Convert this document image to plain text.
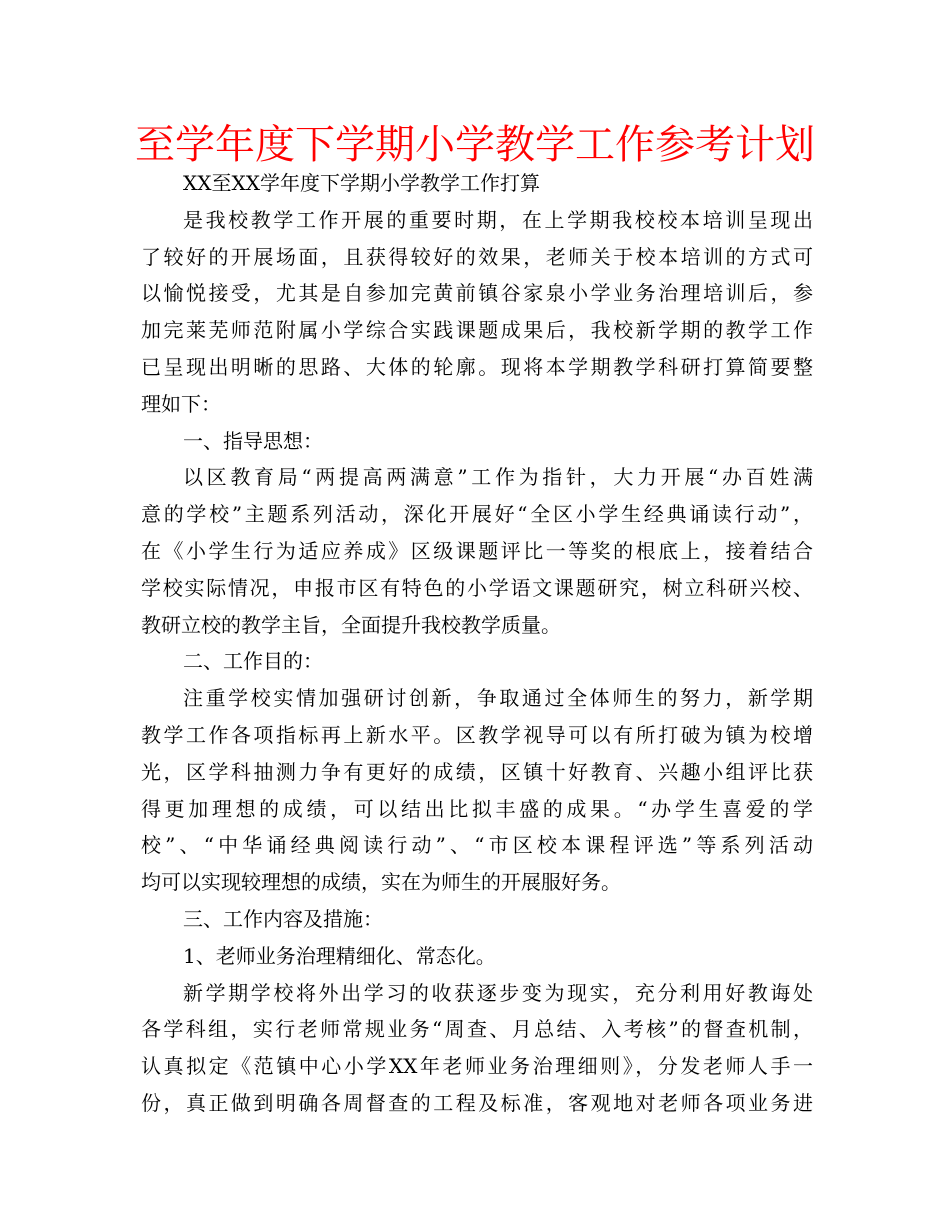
至学年度下学期小学教学工作参考计划
XX至XX学年度下学期小学教学工作打算
是我校教学工作开展的重要时期，在上学期我校校本培训呈现出
了较好的开展场面，且获得较好的效果，老师关于校本培训的方式可
以愉悦接受，尤其是自参加完黄前镇谷家泉小学业务治理培训后，参
加完莱芜师范附属小学综合实践课题成果后，我校新学期的教学工作
已呈现出明晰的思路、大体的轮廓。现将本学期教学科研打算简要整
理如下：
一、指导思想：
以区教育局“两提高两满意”工作为指针，大力开展“办百姓满
意的学校”主题系列活动，深化开展好“全区小学生经典诵读行动”，
在《小学生行为适应养成》区级课题评比一等奖的根底上，接着结合
学校实际情况，申报市区有特色的小学语文课题研究，树立科研兴校、
教研立校的教学主旨，全面提升我校教学质量。
二、工作目的：
注重学校实情加强研讨创新，争取通过全体师生的努力，新学期
教学工作各项指标再上新水平。区教学视导可以有所打破为镇为校增
光，区学科抽测力争有更好的成绩，区镇十好教育、兴趣小组评比获
得更加理想的成绩，可以结出比拟丰盛的成果。“办学生喜爱的学
校”、“中华诵经典阅读行动”、“市区校本课程评选”等系列活动
均可以实现较理想的成绩，实在为师生的开展服好务。
三、工作内容及措施：
1、老师业务治理精细化、常态化。
新学期学校将外出学习的收获逐步变为现实，充分利用好教诲处
各学科组，实行老师常规业务“周查、月总结、入考核”的督查机制，
认真拟定《范镇中心小学XX年老师业务治理细则》，分发老师人手一
份，真正做到明确各周督查的工程及标准，客观地对老师各项业务进
